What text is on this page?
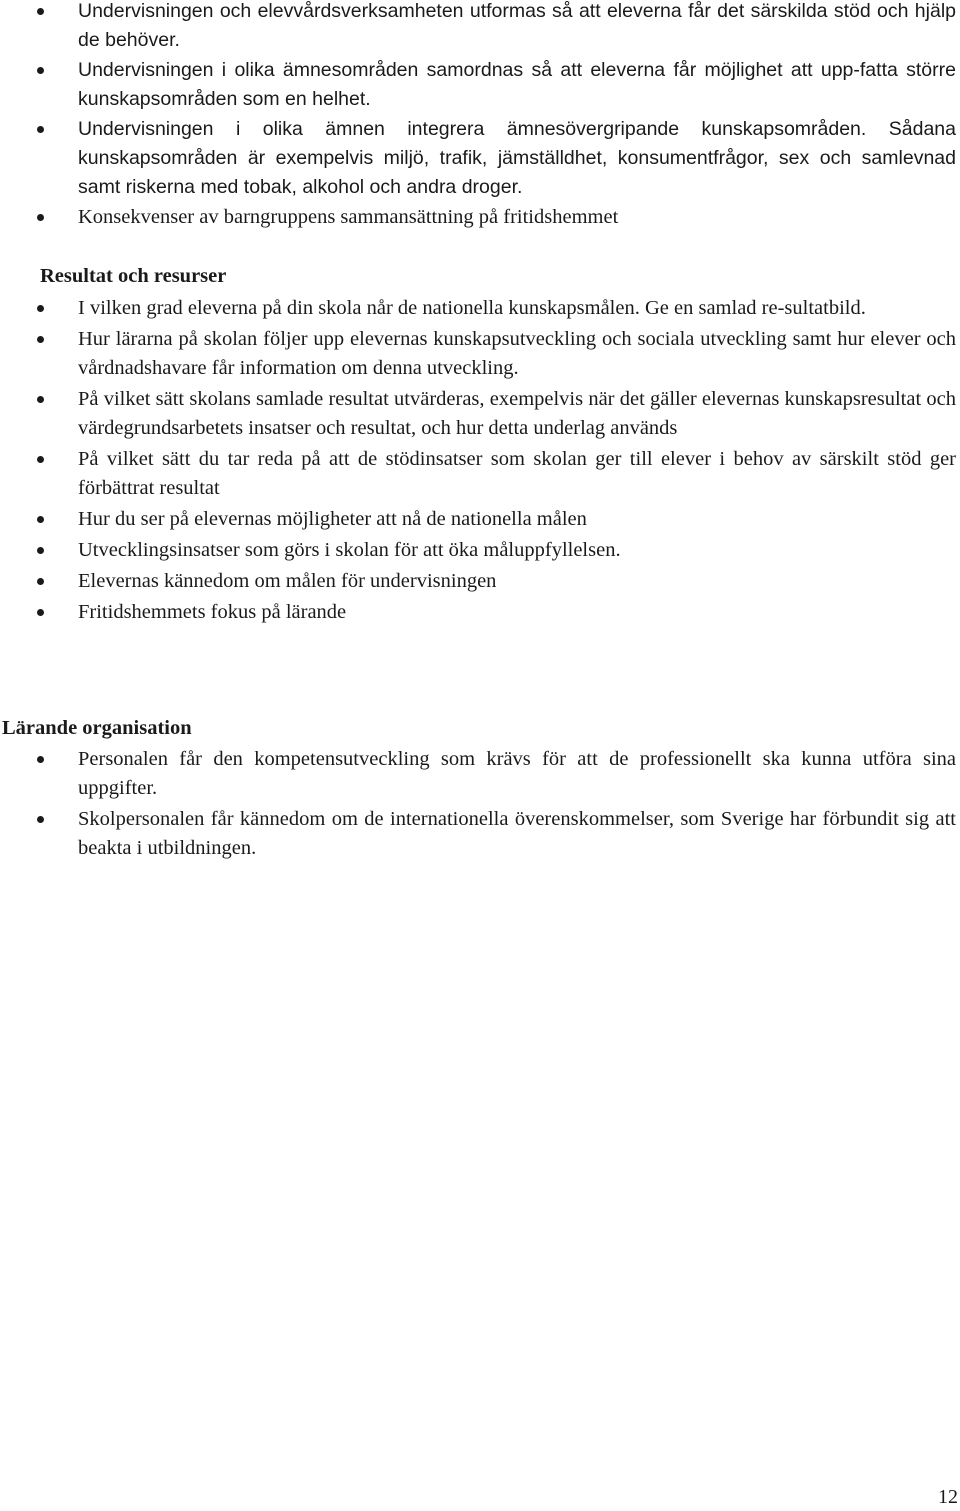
Undervisningen och elevvårdsverksamheten utformas så att eleverna får det särskilda stöd och hjälp de behöver.
Undervisningen i olika ämnesområden samordnas så att eleverna får möjlighet att upp-fatta större kunskapsområden som en helhet.
Undervisningen i olika ämnen integrera ämnesövergripande kunskapsområden. Sådana kunskapsområden är exempelvis miljö, trafik, jämställdhet, konsumentfrågor, sex och samlevnad samt riskerna med tobak, alkohol och andra droger.
Konsekvenser av barngruppens sammansättning på fritidshemmet
Resultat och resurser
I vilken grad eleverna på din skola når de nationella kunskapsmålen. Ge en samlad re-sultatbild.
Hur lärarna på skolan följer upp elevernas kunskapsutveckling och sociala utveckling samt hur elever och vårdnadshavare får information om denna utveckling.
På vilket sätt skolans samlade resultat utvärderas, exempelvis när det gäller elevernas kunskapsresultat och värdegrundsarbetets insatser och resultat, och hur detta underlag används
På vilket sätt du tar reda på att de stödinsatser som skolan ger till elever i behov av särskilt stöd ger förbättrat resultat
Hur du ser på elevernas möjligheter att nå de nationella målen
Utvecklingsinsatser som görs i skolan för att öka måluppfyllelsen.
Elevernas kännedom om målen för undervisningen
Fritidshemmets fokus på lärande
Lärande organisation
Personalen får den kompetensutveckling som krävs för att de professionellt ska kunna utföra sina uppgifter.
Skolpersonalen får kännedom om de internationella överenskommelser, som Sverige har förbundit sig att beakta i utbildningen.
12
